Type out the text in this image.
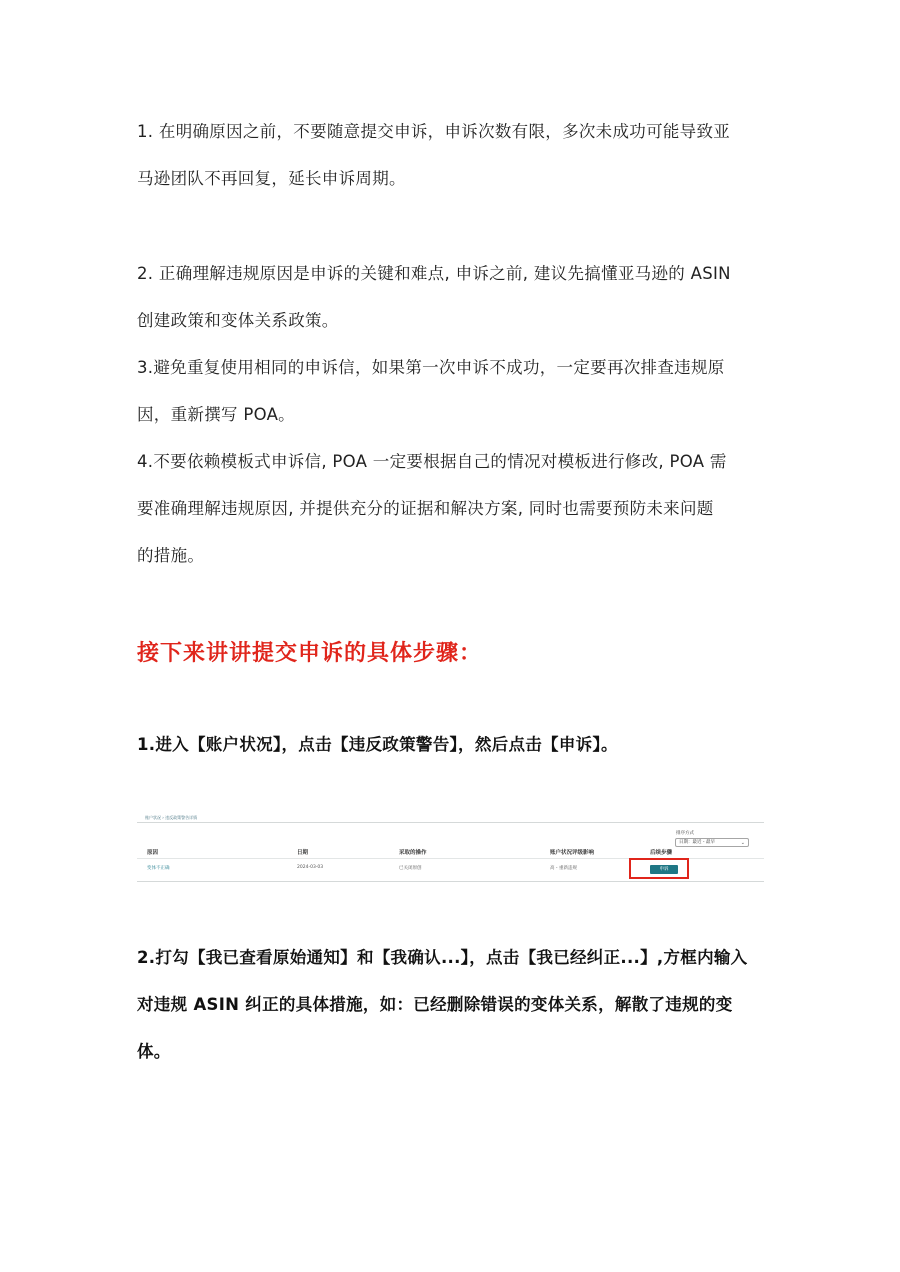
1. 在明确原因之前，不要随意提交申诉，申诉次数有限，多次未成功可能导致亚
马逊团队不再回复，延长申诉周期。
2. 正确理解违规原因是申诉的关键和难点, 申诉之前, 建议先搞懂亚马逊的 ASIN
创建政策和变体关系政策。
3.避免重复使用相同的申诉信，如果第一次申诉不成功，一定要再次排查违规原
因，重新撰写 POA。
4.不要依赖模板式申诉信, POA 一定要根据自己的情况对模板进行修改, POA 需
要准确理解违规原因, 并提供充分的证据和解决方案, 同时也需要预防未来问题
的措施。
接下来讲讲提交申诉的具体步骤：
1.进入【账户状况】，点击【违反政策警告】，然后点击【申诉】。
账户状况 › 违反政策警告详情
排序方式
日期：最近 - 最早	⌄
原因	日期	采取的操作	账户状况评级影响	后续步骤
变体不正确	2024-03-03	已关闭原创	高 - 重新违规	申诉
2.打勾【我已查看原始通知】和【我确认...】，点击【我已经纠正...】,方框内输入
对违规 ASIN 纠正的具体措施，如：已经删除错误的变体关系，解散了违规的变
体。
